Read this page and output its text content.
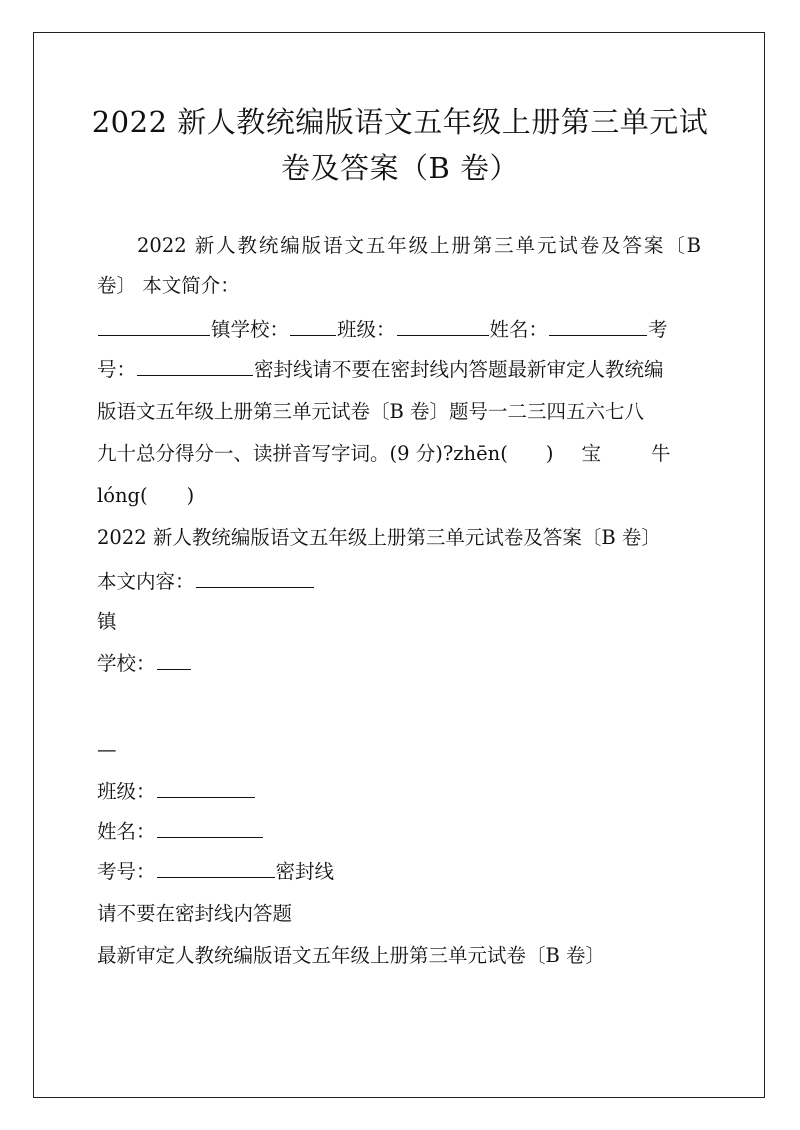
2022 新人教统编版语文五年级上册第三单元试
卷及答案（B 卷）
2022 新人教统编版语文五年级上册第三单元试卷及答案〔B
卷〕 本文简介：
镇学校： 班级：	姓名：	考
号：	密封线请不要在密封线内答题最新审定人教统编
版语文五年级上册第三单元试卷〔B 卷〕题号一二三四五六七八
九十总分得分一、读拼音写字词。(9 分)?zhēn( ) 宝	牛
lóng(　　)
2022 新人教统编版语文五年级上册第三单元试卷及答案〔B 卷〕
本文内容：
镇
学校：
—
班级：
姓名：
考号：	密封线
请不要在密封线内答题
最新审定人教统编版语文五年级上册第三单元试卷〔B 卷〕
